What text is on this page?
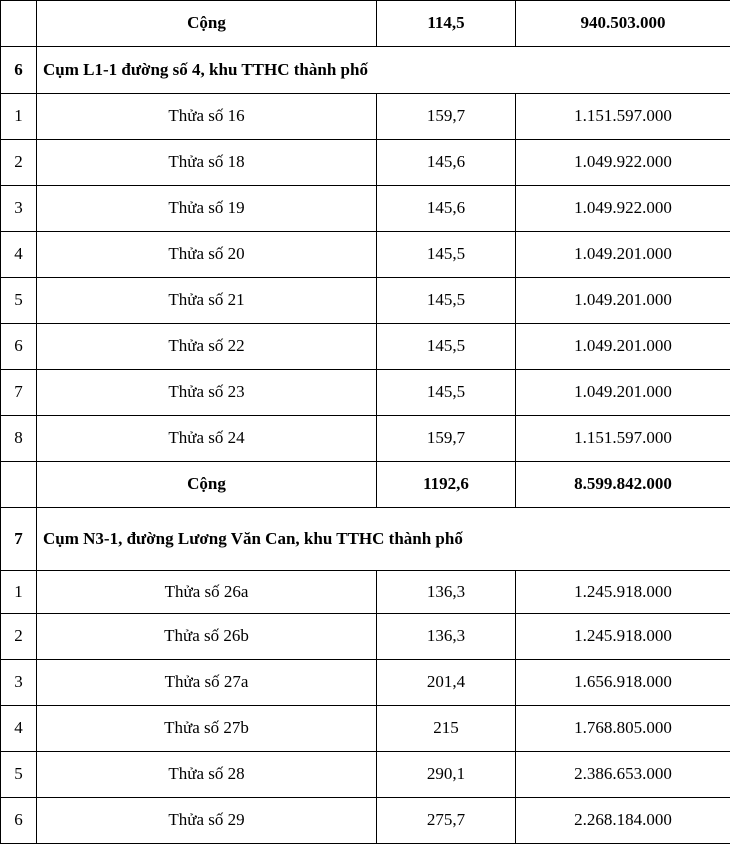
	Cộng	114,5	940.503.000
6	Cụm L1-1 đường số 4, khu TTHC thành phố		
1	Thửa số 16	159,7	1.151.597.000
2	Thửa số 18	145,6	1.049.922.000
3	Thửa số 19	145,6	1.049.922.000
4	Thửa số 20	145,5	1.049.201.000
5	Thửa số 21	145,5	1.049.201.000
6	Thửa số 22	145,5	1.049.201.000
7	Thửa số 23	145,5	1.049.201.000
8	Thửa số 24	159,7	1.151.597.000
	Cộng	1192,6	8.599.842.000
7	Cụm N3-1, đường Lương Văn Can, khu TTHC thành phố		
1	Thửa số 26a	136,3	1.245.918.000
2	Thửa số 26b	136,3	1.245.918.000
3	Thửa số 27a	201,4	1.656.918.000
4	Thửa số 27b	215	1.768.805.000
5	Thửa số 28	290,1	2.386.653.000
6	Thửa số 29	275,7	2.268.184.000
